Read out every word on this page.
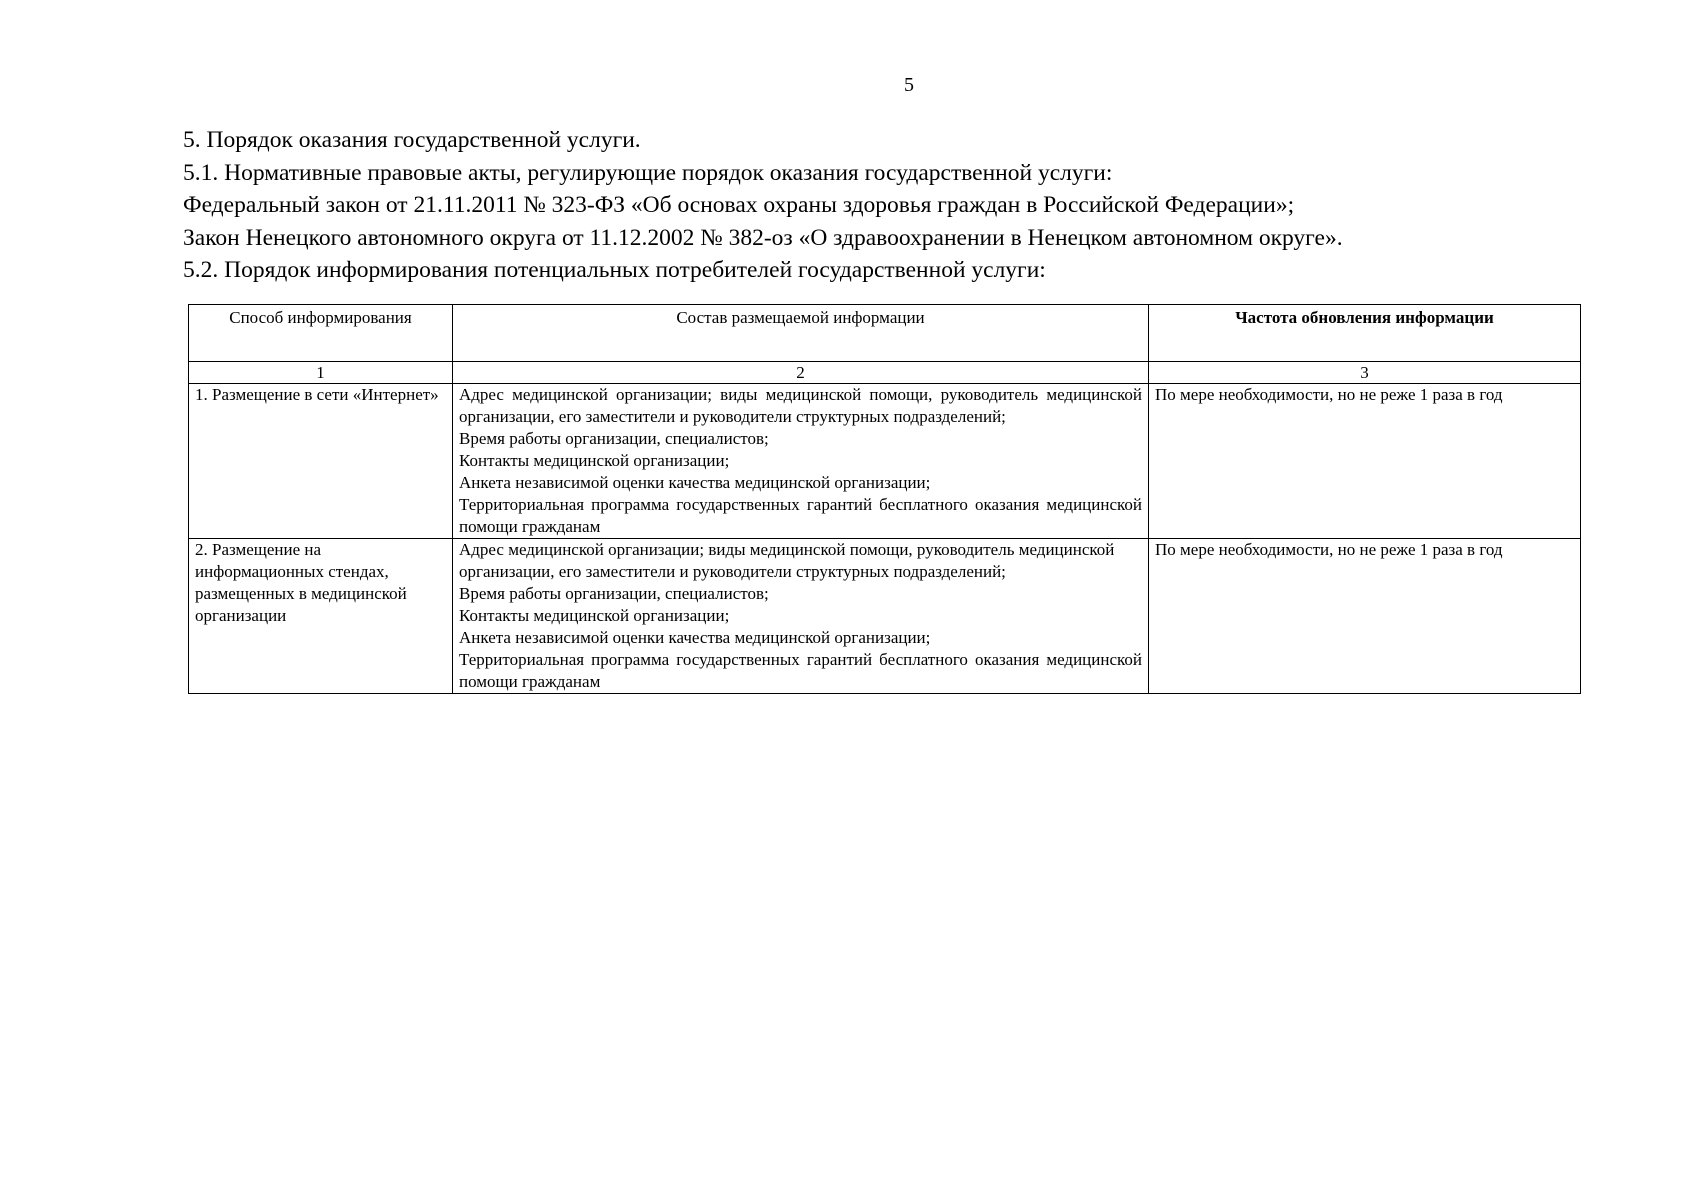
5

5. Порядок оказания государственной услуги.

5.1. Нормативные правовые акты, регулирующие порядок оказания государственной услуги:

Федеральный закон от 21.11.2011 № 323-ФЗ «Об основах охраны здоровья граждан в Российской Федерации»;

Закон Ненецкого автономного округа от 11.12.2002 № 382-оз «О здравоохранении в Ненецком автономном округе».

5.2. Порядок информирования потенциальных потребителей государственной услуги:

Способ информирования	Состав размещаемой информации	Частота обновления информации
1	2	3
1. Размещение в сети «Интернет»	Адрес медицинской организации; виды медицинской помощи, руководитель медицинской организации, его заместители и руководители структурных подразделений;
Время работы организации, специалистов;
Контакты медицинской организации;
Анкета независимой оценки качества медицинской организации;
Территориальная программа государственных гарантий бесплатного оказания медицинской помощи гражданам	По мере необходимости, но не реже 1 раза в год
2. Размещение на информационных стендах, размещенных в медицинской организации	Адрес медицинской организации; виды медицинской помощи, руководитель медицинской организации, его заместители и руководители структурных подразделений;
Время работы организации, специалистов;
Контакты медицинской организации;
Анкета независимой оценки качества медицинской организации;
Территориальная программа государственных гарантий бесплатного оказания медицинской помощи гражданам	По мере необходимости, но не реже 1 раза в год
